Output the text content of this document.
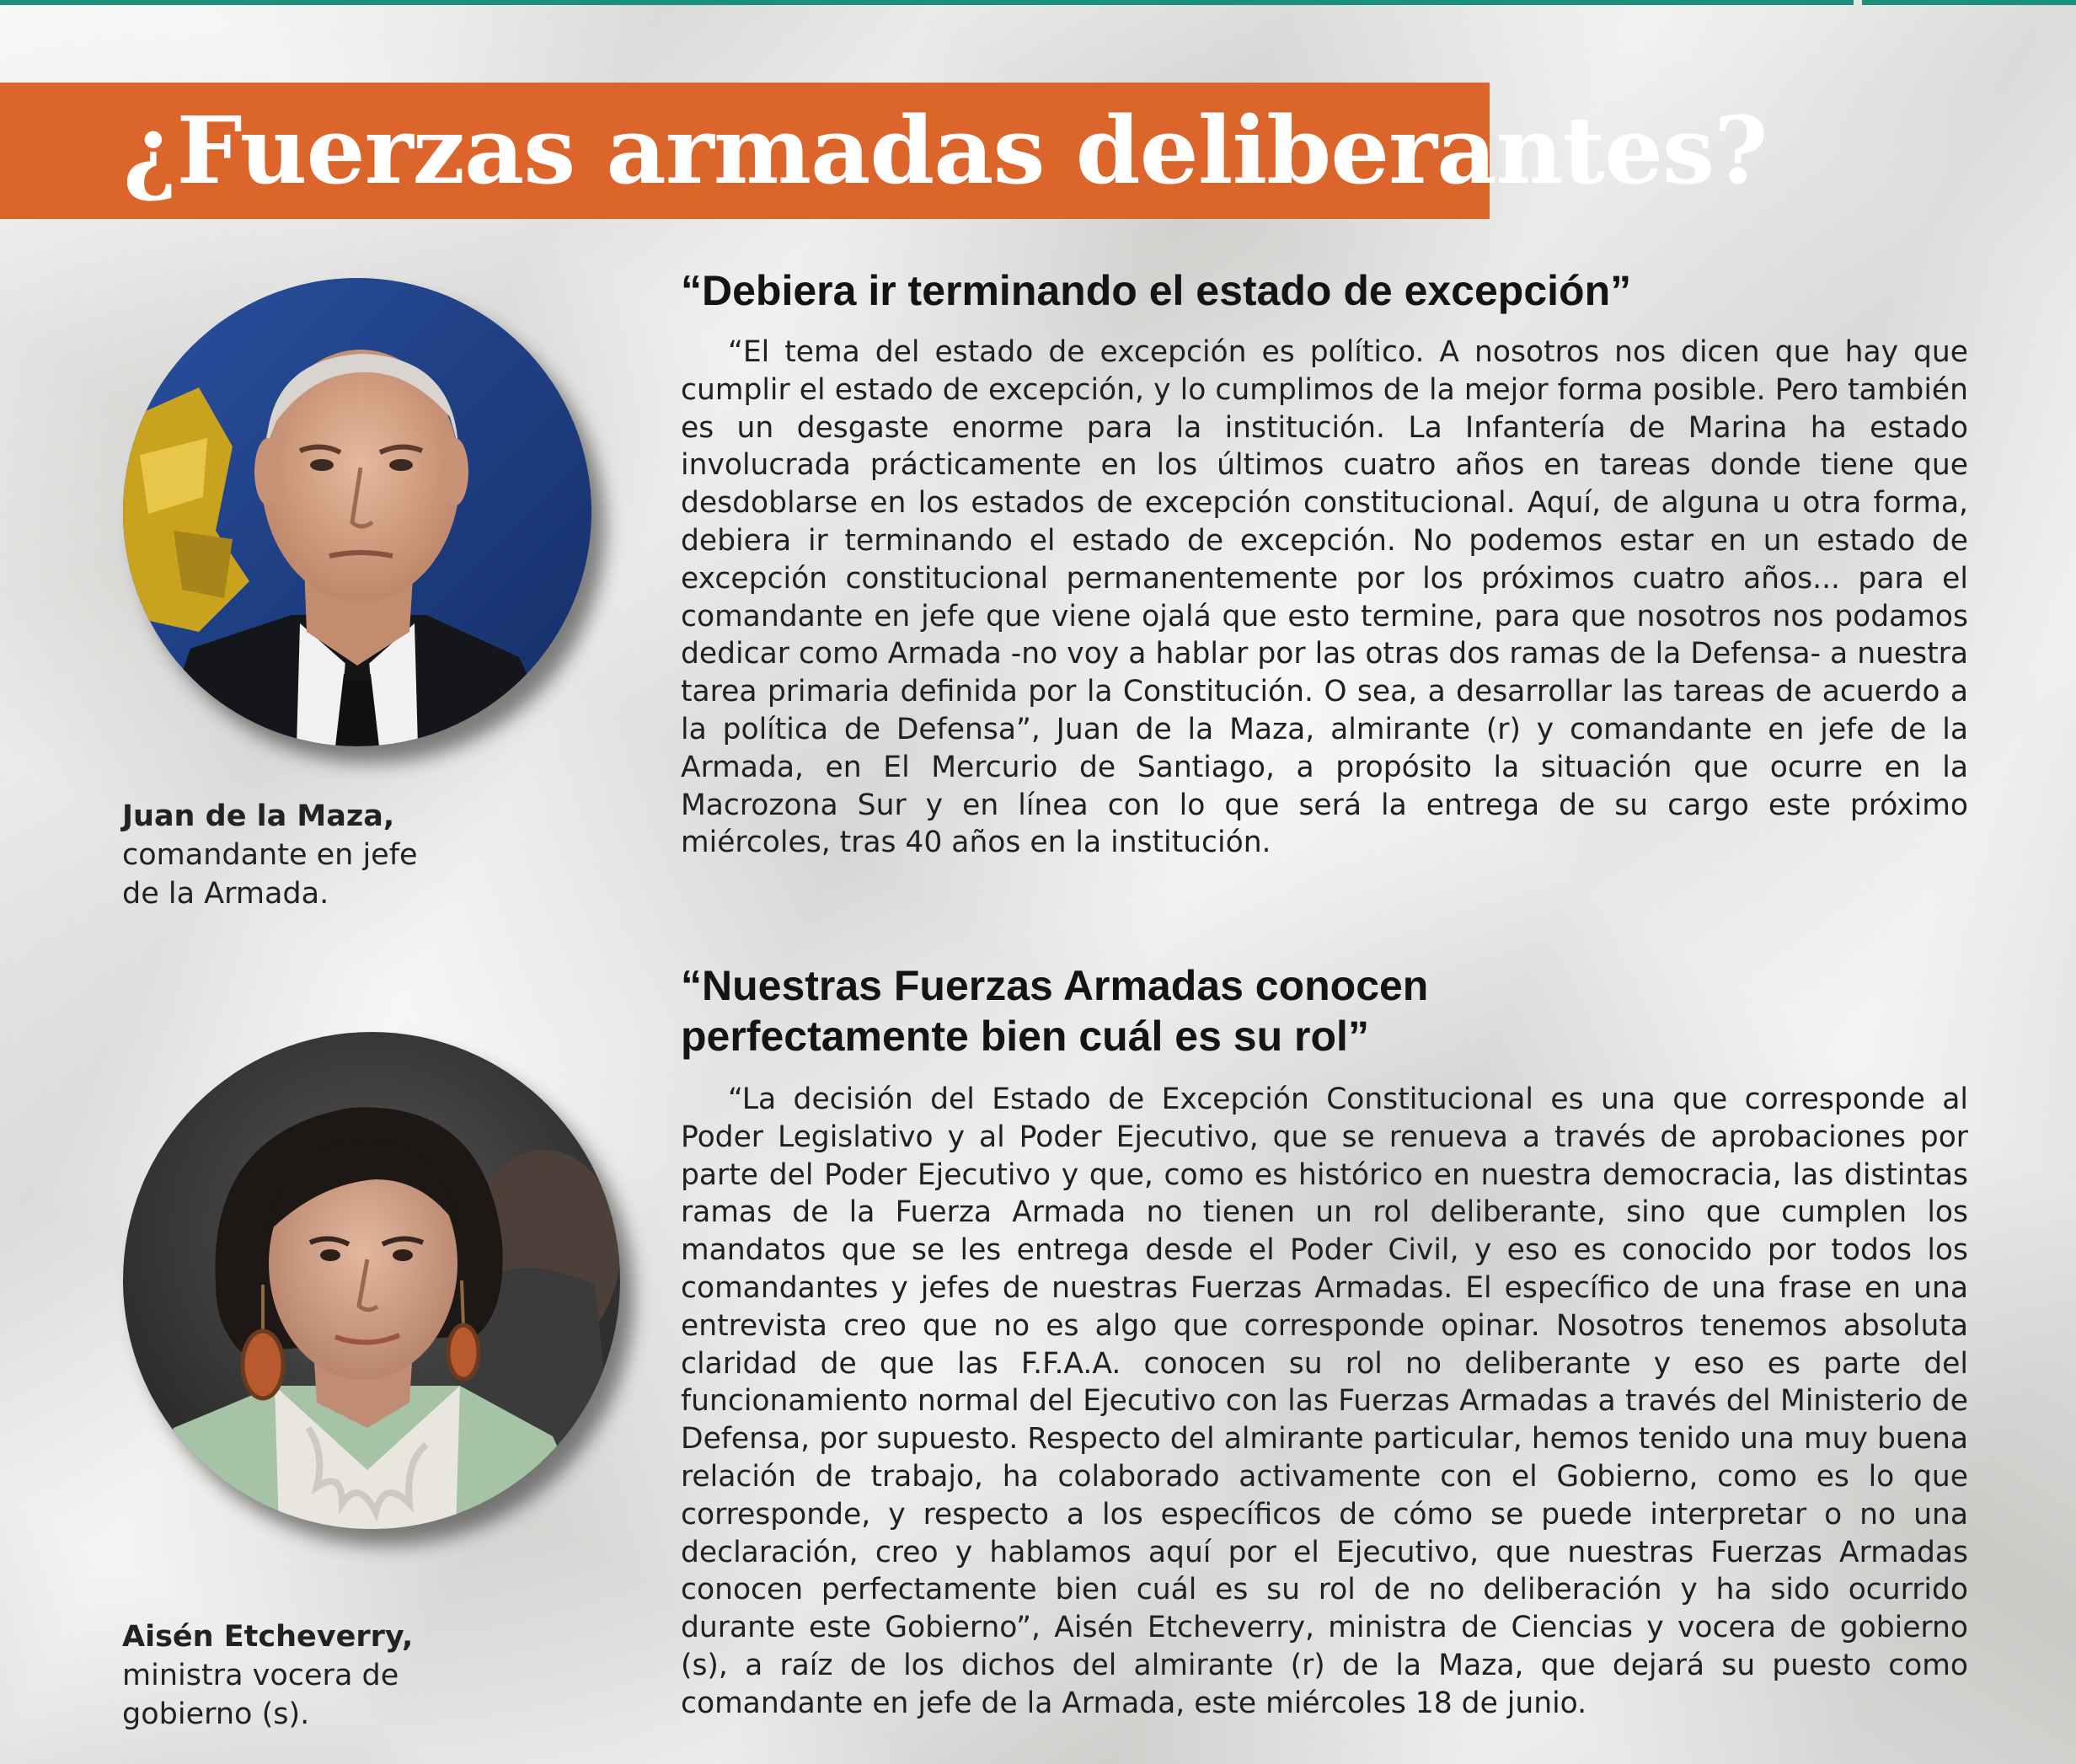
¿Fuerzas armadas deliberantes?
“Debiera ir terminando el estado de excepción”

“El tema del estado de excepción es político. A nosotros nos dicen que hay que cumplir el estado de excepción, y lo cumplimos de la mejor forma posible. Pero también es un desgaste enorme para la institución. La Infantería de Marina ha estado involucrada prácticamente en los últimos cuatro años en tareas donde tiene que desdoblarse en los estados de excepción constitucional. Aquí, de alguna u otra forma, debiera ir terminando el estado de excepción. No podemos estar en un estado de excepción constitucional permanentemente por los próximos cuatro años... para el comandante en jefe que viene ojalá que esto termine, para que nosotros nos podamos dedicar como Armada -no voy a hablar por las otras dos ramas de la Defensa- a nuestra tarea primaria definida por la Constitución. O sea, a desarrollar las tareas de acuerdo a la política de Defensa”, Juan de la Maza, almirante (r) y comandante en jefe de la Armada, en El Mercurio de Santiago, a propósito la situación que ocurre en la Macrozona Sur y en línea con lo que será la entrega de su cargo este próximo miércoles, tras 40 años en la institución.

Juan de la Maza,
comandante en jefe de la Armada.
“Nuestras Fuerzas Armadas conocen
perfectamente bien cuál es su rol”

“La decisión del Estado de Excepción Constitucional es una que corresponde al Poder Legislativo y al Poder Ejecutivo, que se renueva a través de aprobaciones por parte del Poder Ejecutivo y que, como es histórico en nuestra democracia, las distintas ramas de la Fuerza Armada no tienen un rol deliberante, sino que cumplen los mandatos que se les entrega desde el Poder Civil, y eso es conocido por todos los comandantes y jefes de nuestras Fuerzas Armadas. El específico de una frase en una entrevista creo que no es algo que corresponde opinar. Nosotros tenemos absoluta claridad de que las F.F.A.A. conocen su rol no deliberante y eso es parte del funcionamiento normal del Ejecutivo con las Fuerzas Armadas a través del Ministerio de Defensa, por supuesto. Respecto del almirante particular, hemos tenido una muy buena relación de trabajo, ha colaborado activamente con el Gobierno, como es lo que corresponde, y respecto a los específicos de cómo se puede interpretar o no una declaración, creo y hablamos aquí por el Ejecutivo, que nuestras Fuerzas Armadas conocen perfectamente bien cuál es su rol de no deliberación y ha sido ocurrido durante este Gobierno”, Aisén Etcheverry, ministra de Ciencias y vocera de gobierno (s), a raíz de los dichos del almirante (r) de la Maza, que dejará su puesto como comandante en jefe de la Armada, este miércoles 18 de junio.

Aisén Etcheverry,
ministra vocera de gobierno (s).
